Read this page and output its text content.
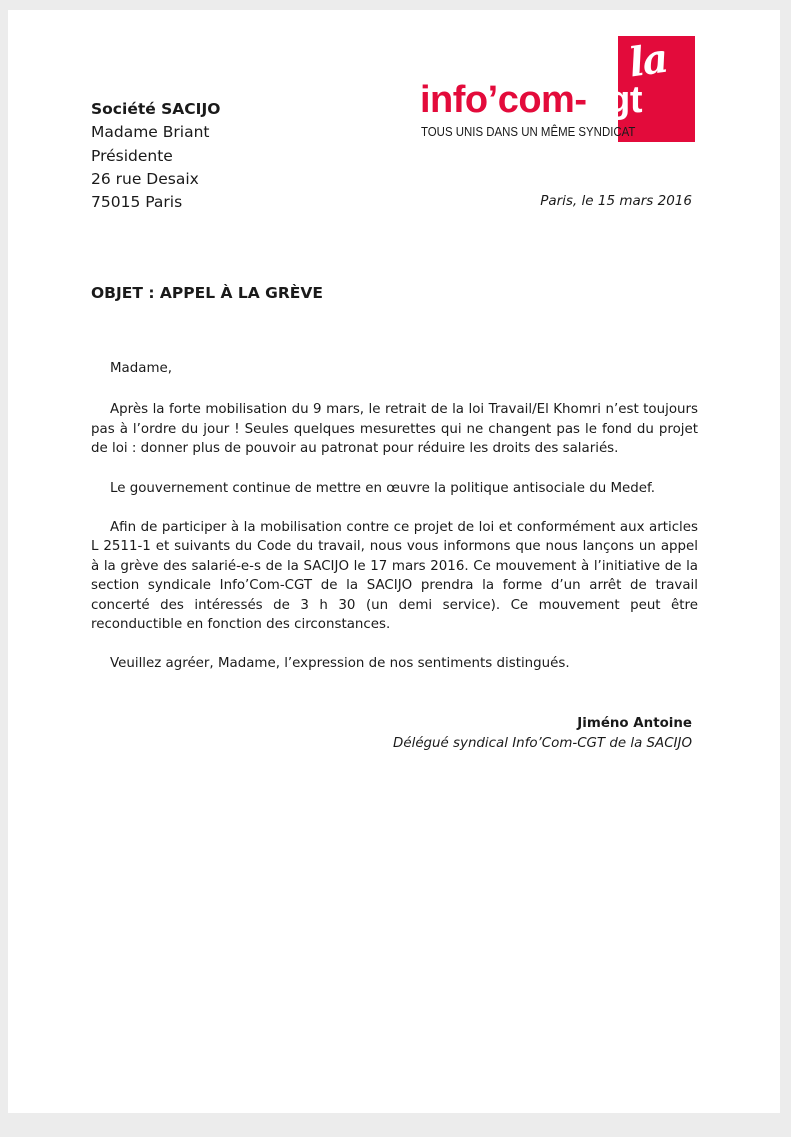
Société SACIJO
Madame Briant
Présidente
26 rue Desaix
75015 Paris
la
info’com-cgt
TOUS UNIS DANS UN MÊME SYNDICAT
Paris, le 15 mars 2016
OBJET : APPEL À LA GRÈVE

Madame,

Après la forte mobilisation du 9 mars, le retrait de la loi Travail/El Khomri n’est toujours pas à l’ordre du jour ! Seules quelques mesurettes qui ne changent pas le fond du projet de loi : donner plus de pouvoir au patronat pour réduire les droits des salariés.

Le gouvernement continue de mettre en œuvre la politique antisociale du Medef.

Afin de participer à la mobilisation contre ce projet de loi et conformément aux articles L 2511-1 et suivants du Code du travail, nous vous informons que nous lançons un appel à la grève des salarié-e-s de la SACIJO le 17 mars 2016. Ce mouvement à l’initiative de la section syndicale Info’Com-CGT de la SACIJO prendra la forme d’un arrêt de travail concerté des intéressés de 3 h 30 (un demi service). Ce mouvement peut être reconductible en fonction des circonstances.

Veuillez agréer, Madame, l’expression de nos sentiments distingués.

Jiméno Antoine
Délégué syndical Info’Com-CGT de la SACIJO
